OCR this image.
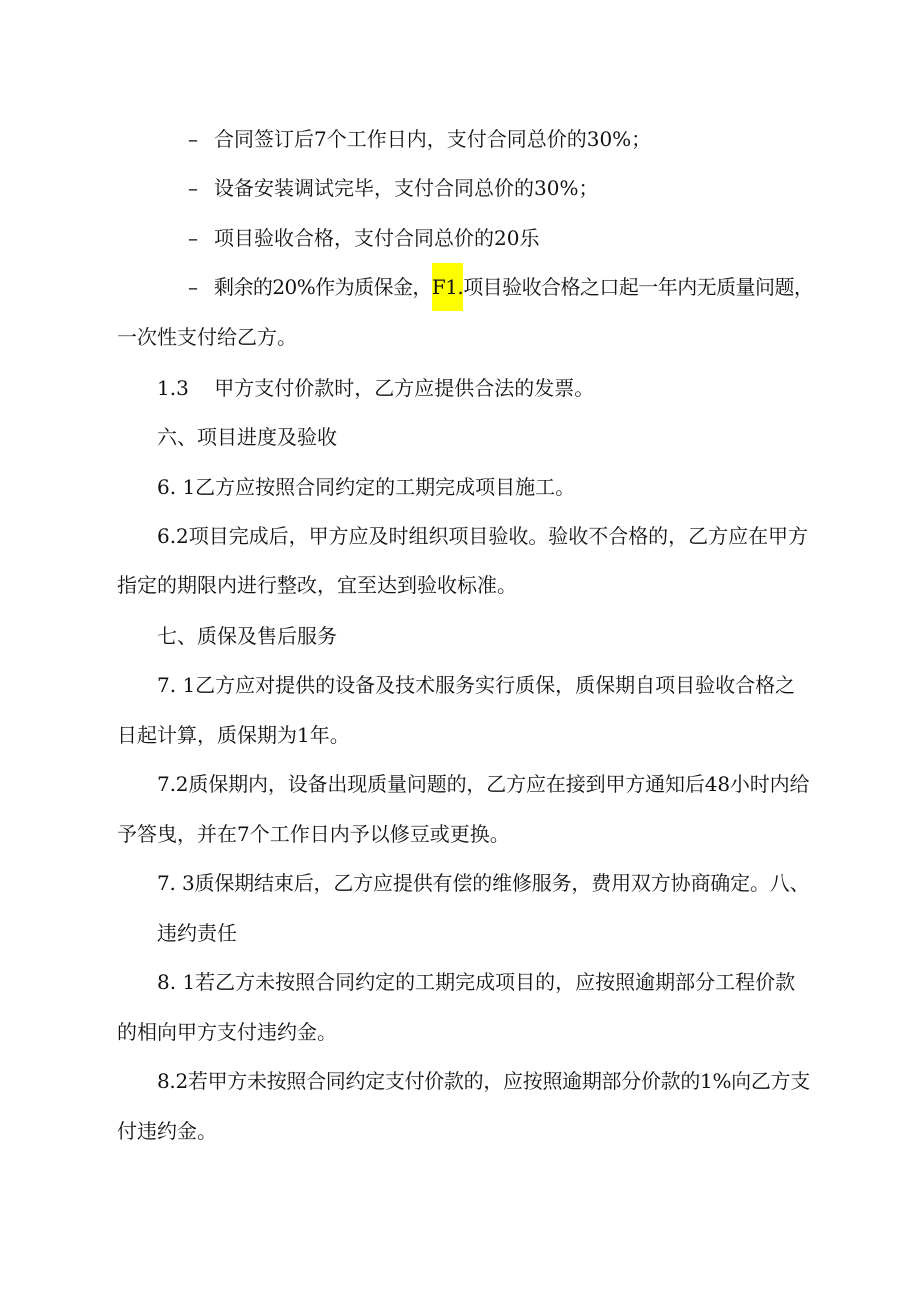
– 合同签订后7个工作日内，支付合同总价的30%；
– 设备安装调试完毕，支付合同总价的30%；
– 项目验收合格，支付合同总价的20乐
– 剩余的20%作为质保金，F1.项目验收合格之口起一年内无质量问题，
一次性支付给乙方。
1.3    甲方支付价款时，乙方应提供合法的发票。
六、项目进度及验收
6. 1乙方应按照合同约定的工期完成项目施工。
6.2项目完成后，甲方应及时组织项目验收。验收不合格的，乙方应在甲方
指定的期限内进行整改，宜至达到验收标准。
七、质保及售后服务
7. 1乙方应对提供的设备及技术服务实行质保，质保期自项目验收合格之
日起计算，质保期为1年。
7.2质保期内，设备出现质量问题的，乙方应在接到甲方通知后48小时内给
予答曳，并在7个工作日内予以修豆或更换。
7. 3质保期结束后，乙方应提供有偿的维修服务，费用双方协商确定。八、
违约责任
8. 1若乙方未按照合同约定的工期完成项目的，应按照逾期部分工程价款
的相向甲方支付违约金。
8.2若甲方未按照合同约定支付价款的，应按照逾期部分价款的1%向乙方支
付违约金。
